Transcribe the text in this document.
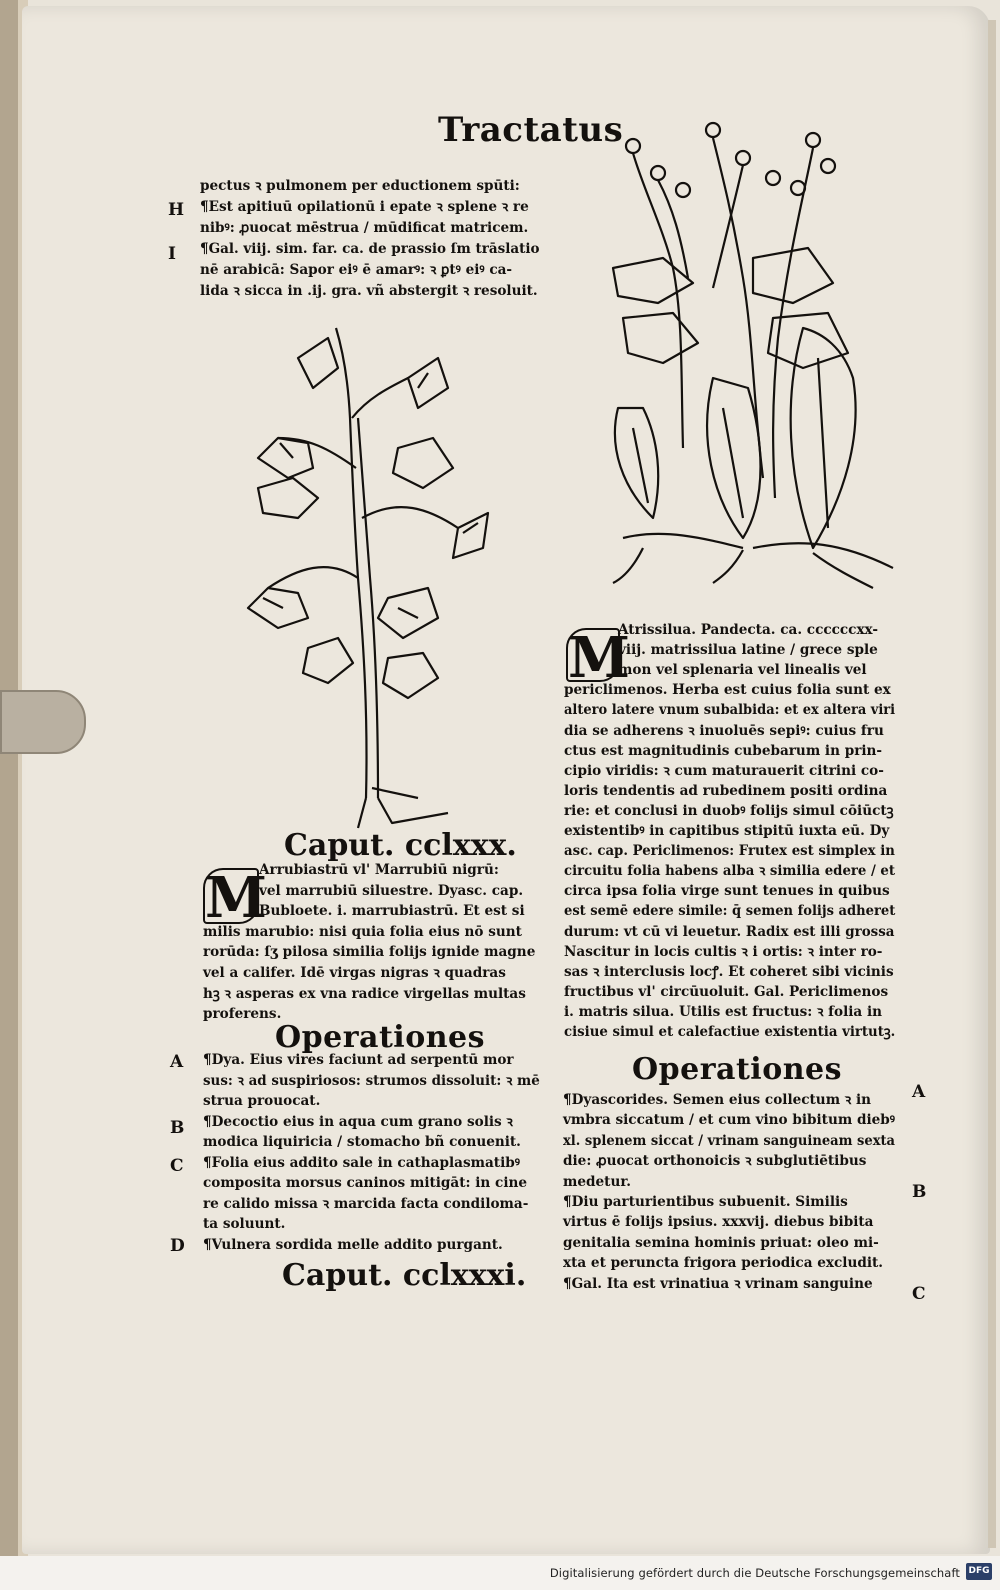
Tractatus
pectus ꝛ pulmonem per eductionem spūti:
¶Est apitiuū opilationū i epate ꝛ splene ꝛ re
nibꝰ: ꝓuocat mēstrua / mūdificat matricem.
¶Gal. viij. sim. far. ca. de prassio ſm trāslatio
nē arabicā: Sapor eiꝰ ē amarꝰ: ꝛ ꝑtꝰ eiꝰ ca-
lida ꝛ sicca in .ij. gra. vñ abstergit ꝛ resoluit.
H
I
Caput. cclxxx.
M
Arrubiastrū vl' Marrubiū nigrū:
vel marrubiū siluestre. Dyasc. cap.
Bubloete. i. marrubiastrū. Et est si
milis marubio: nisi quia folia eius nō sunt
rorūda: ſʒ pilosa similia folijs ignide magne
vel a califer. Idē virgas nigras ꝛ quadras
hꝫ ꝛ asperas ex vna radice virgellas multas
proferens.
Operationes
¶Dya. Eius vires faciunt ad serpentū mor
sus: ꝛ ad suspiriosos: strumos dissoluit: ꝛ mē
strua prouocat.
¶Decoctio eius in aqua cum grano solis ꝛ
modica liquiricia / stomacho bñ conuenit.
¶Folia eius addito sale in cathaplasmatibꝰ
composita morsus caninos mitigāt: in cine
re calido missa ꝛ marcida facta condiloma-
ta soluunt.
¶Vulnera sordida melle addito purgant.
A
B
C
D
Caput. cclxxxi.
M
Atrissilua. Pandecta. ca. ccccccxx-
viij. matrissilua latine / grece sple
mon vel splenaria vel linealis vel
periclimenos. Herba est cuius folia sunt ex
altero latere vnum subalbida: et ex altera viri
dia se adherens ꝛ inuoluēs sepiꝰ: cuius fru
ctus est magnitudinis cubebarum in prin-
cipio viridis: ꝛ cum maturauerit citrini co-
loris tendentis ad rubedinem positi ordina
rie: et conclusi in duobꝰ folijs simul cōiūctꝫ
existentibꝰ in capitibus stipitū iuxta eū. Dy
asc. cap. Periclimenos: Frutex est simplex in
circuitu folia habens alba ꝛ similia edere / et
circa ipsa folia virge sunt tenues in quibus
est semē edere simile: q̄ semen folijs adheret
durum: vt cū vi leuetur. Radix est illi grossa
Nascitur in locis cultis ꝛ i ortis: ꝛ inter ro-
sas ꝛ interclusis locꝭ. Et coheret sibi vicinis
fructibus vl' circūuoluit. Gal. Periclimenos
i. matris silua. Utilis est fructus: ꝛ folia in
cisiue simul et calefactiue existentia virtutꝫ.
Operationes
¶Dyascorides. Semen eius collectum ꝛ in
vmbra siccatum / et cum vino bibitum diebꝰ
xl. splenem siccat / vrinam sanguineam sexta
die: ꝓuocat orthonoicis ꝛ subglutiētibus
medetur.
¶Diu parturientibus subuenit. Similis
virtus ē folijs ipsius. xxxvij. diebus bibita
genitalia semina hominis priuat: oleo mi-
xta et peruncta frigora periodica excludit.
¶Gal. Ita est vrinatiua ꝛ vrinam sanguine
A
B
C
Digitalisierung gefördert durch die Deutsche Forschungsgemeinschaft DFG
